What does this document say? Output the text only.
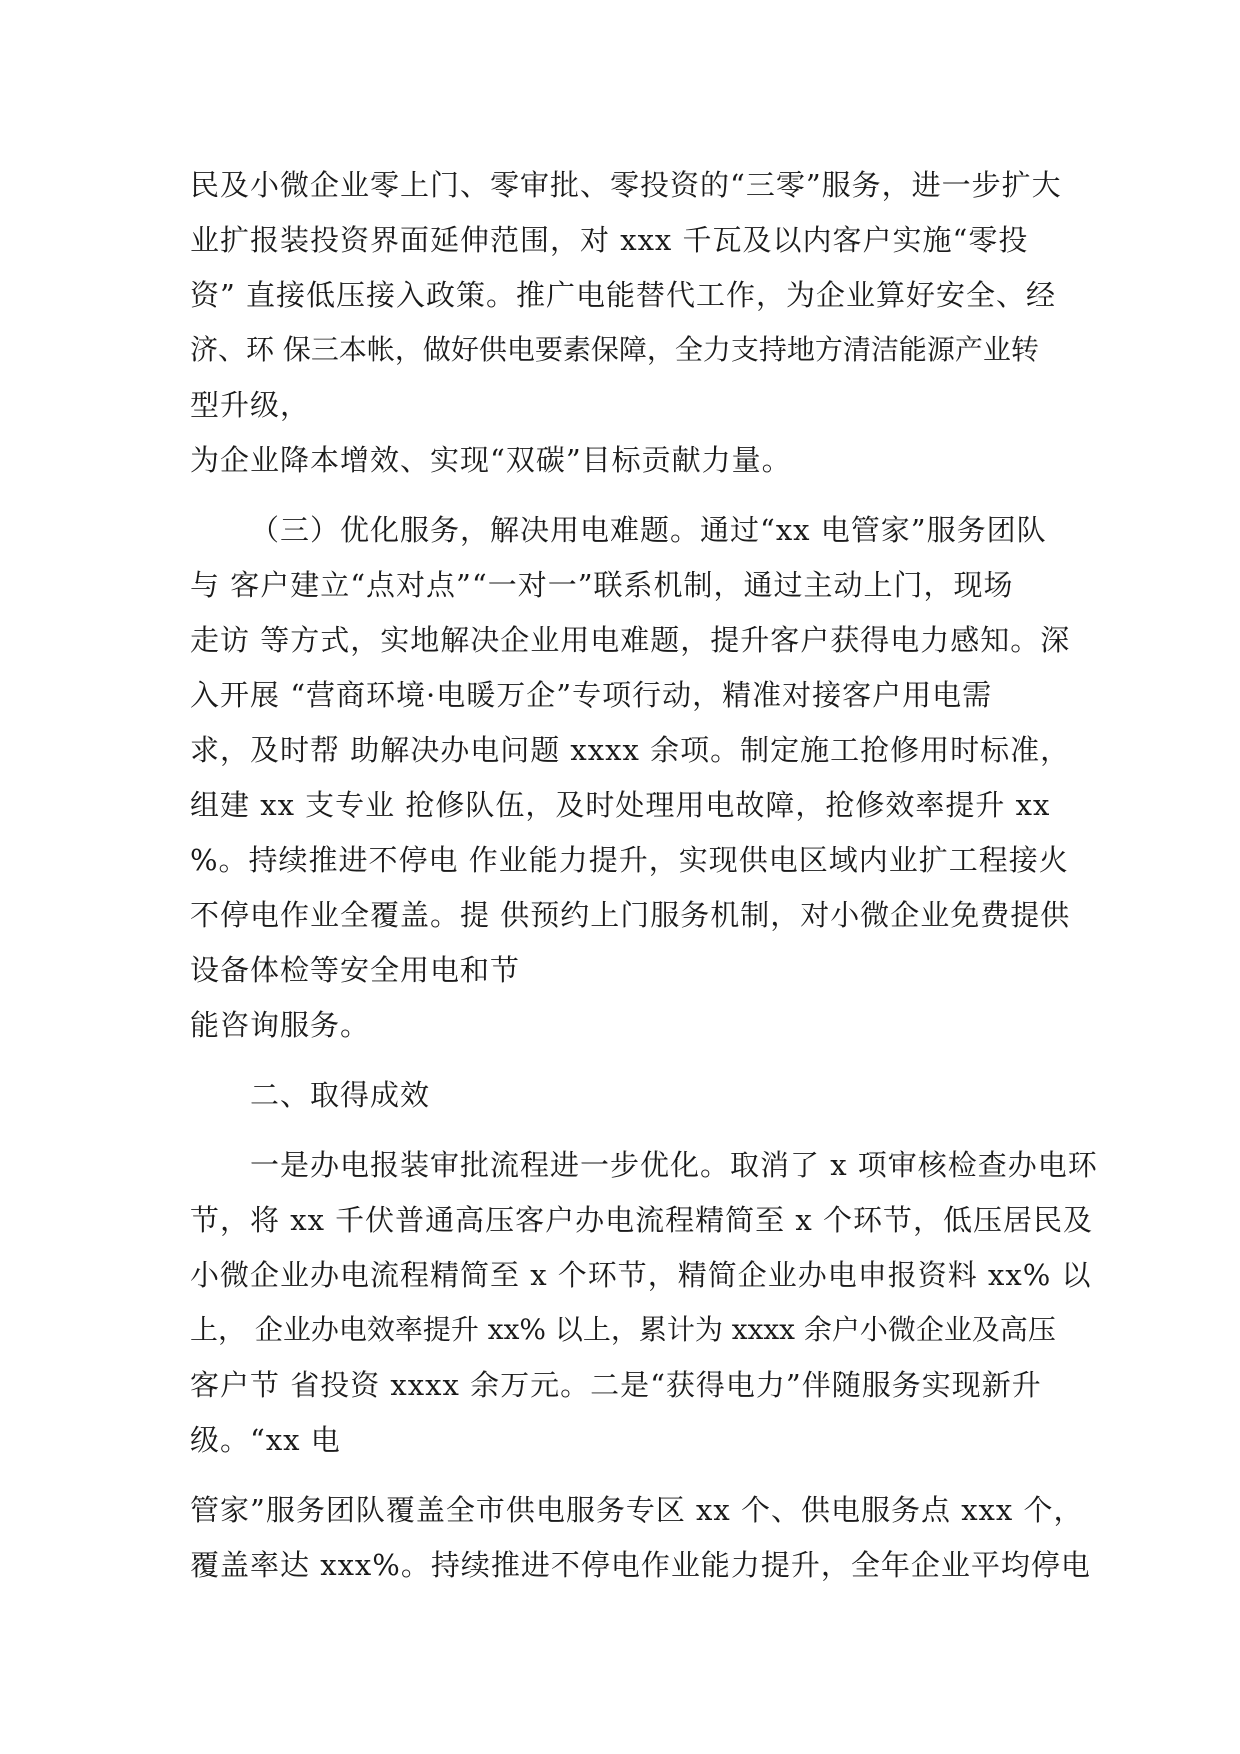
民及小微企业零上门、零审批、零投资的“三零”服务，进一步扩大
业扩报装投资界面延伸范围，对 xxx 千瓦及以内客户实施“零投
资” 直接低压接入政策。推广电能替代工作，为企业算好安全、经
济、环 保三本帐，做好供电要素保障，全力支持地方清洁能源产业转
型升级，
为企业降本增效、实现“双碳”目标贡献力量。
（三）优化服务，解决用电难题。通过“xx 电管家”服务团队
与 客户建立“点对点”“一对一”联系机制，通过主动上门，现场
走访 等方式，实地解决企业用电难题，提升客户获得电力感知。深
入开展 “营商环境·电暖万企”专项行动，精准对接客户用电需
求，及时帮 助解决办电问题 xxxx 余项。制定施工抢修用时标准，
组建 xx 支专业 抢修队伍，及时处理用电故障，抢修效率提升 xx
%。持续推进不停电 作业能力提升，实现供电区域内业扩工程接火
不停电作业全覆盖。提 供预约上门服务机制，对小微企业免费提供
设备体检等安全用电和节
能咨询服务。
二、取得成效
一是办电报装审批流程进一步优化。取消了 x 项审核检查办电环
节，将 xx 千伏普通高压客户办电流程精简至 x 个环节，低压居民及
小微企业办电流程精简至 x 个环节，精简企业办电申报资料 xx% 以
上， 企业办电效率提升 xx% 以上，累计为 xxxx 余户小微企业及高压
客户节 省投资 xxxx 余万元。二是“获得电力”伴随服务实现新升
级。“xx 电
管家”服务团队覆盖全市供电服务专区 xx 个、供电服务点 xxx 个，
覆盖率达 xxx%。持续推进不停电作业能力提升，全年企业平均停电
